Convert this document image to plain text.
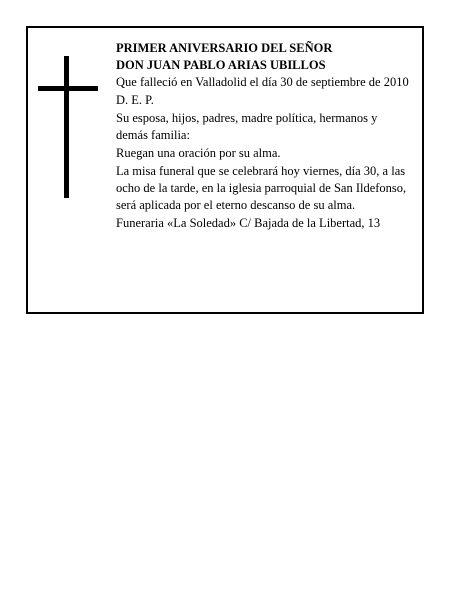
PRIMER ANIVERSARIO DEL SEÑOR
DON JUAN PABLO ARIAS UBILLOS

Que falleció en Valladolid el día 30 de septiembre de 2010

D. E. P.

Su esposa, hijos, padres, madre política, hermanos y demás familia:

Ruegan una oración por su alma.

La misa funeral que se celebrará hoy viernes, día 30, a las ocho de la tarde, en la iglesia parroquial de San Ildefonso, será aplicada por el eterno descanso de su alma.

Funeraria «La Soledad» C/ Bajada de la Libertad, 13
